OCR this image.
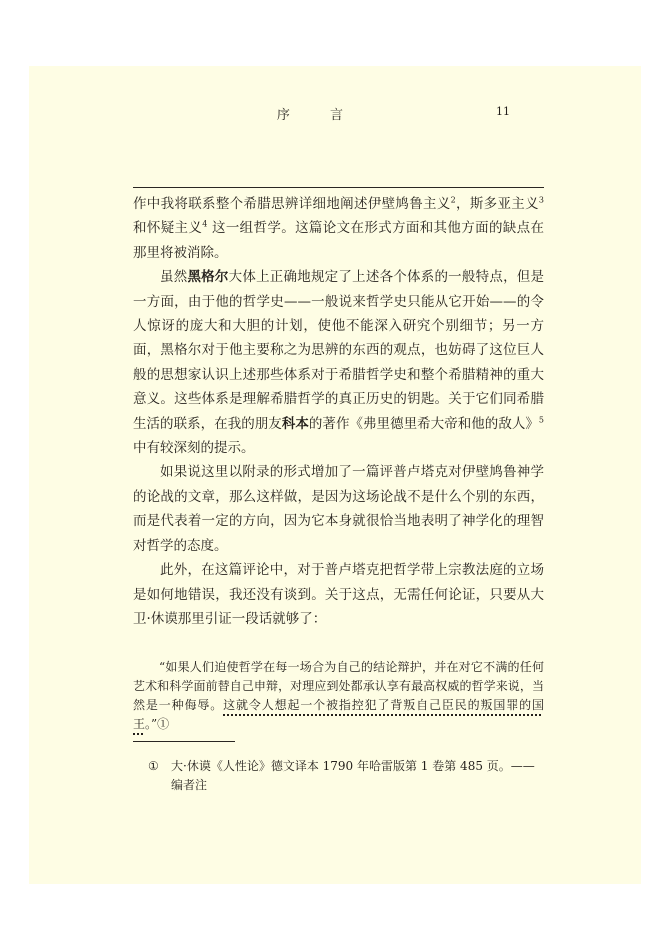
序 言	11

作中我将联系整个希腊思辨详细地阐述伊壁鸠鲁主义$^2$，斯多亚主义$^3$ 和怀疑主义$^4$ 这一组哲学。这篇论文在形式方面和其他方面的缺点在那里将被消除。

虽然黑格尔大体上正确地规定了上述各个体系的一般特点，但是一方面，由于他的哲学史——一般说来哲学史只能从它开始——的令人惊讶的庞大和大胆的计划，使他不能深入研究个别细节；另一方面，黑格尔对于他主要称之为思辨的东西的观点，也妨碍了这位巨人般的思想家认识上述那些体系对于希腊哲学史和整个希腊精神的重大意义。这些体系是理解希腊哲学的真正历史的钥匙。关于它们同希腊生活的联系，在我的朋友科本的著作《弗里德里希大帝和他的敌人》$^5$ 中有较深刻的提示。

如果说这里以附录的形式增加了一篇评普卢塔克对伊壁鸠鲁神学的论战的文章，那么这样做，是因为这场论战不是什么个别的东西，而是代表着一定的方向，因为它本身就很恰当地表明了神学化的理智对哲学的态度。

此外，在这篇评论中，对于普卢塔克把哲学带上宗教法庭的立场是如何地错误，我还没有谈到。关于这点，无需任何论证，只要从大卫·休谟那里引证一段话就够了：

“如果人们迫使哲学在每一场合为自己的结论辩护，并在对它不满的任何艺术和科学面前替自己申辩，对理应到处都承认享有最高权威的哲学来说，当然是一种侮辱。这就令人想起一个被指控犯了背叛自己臣民的叛国罪的国王。”①

①	大·休谟《人性论》德文译本 1790 年哈雷版第 1 卷第 485 页。——编者注
